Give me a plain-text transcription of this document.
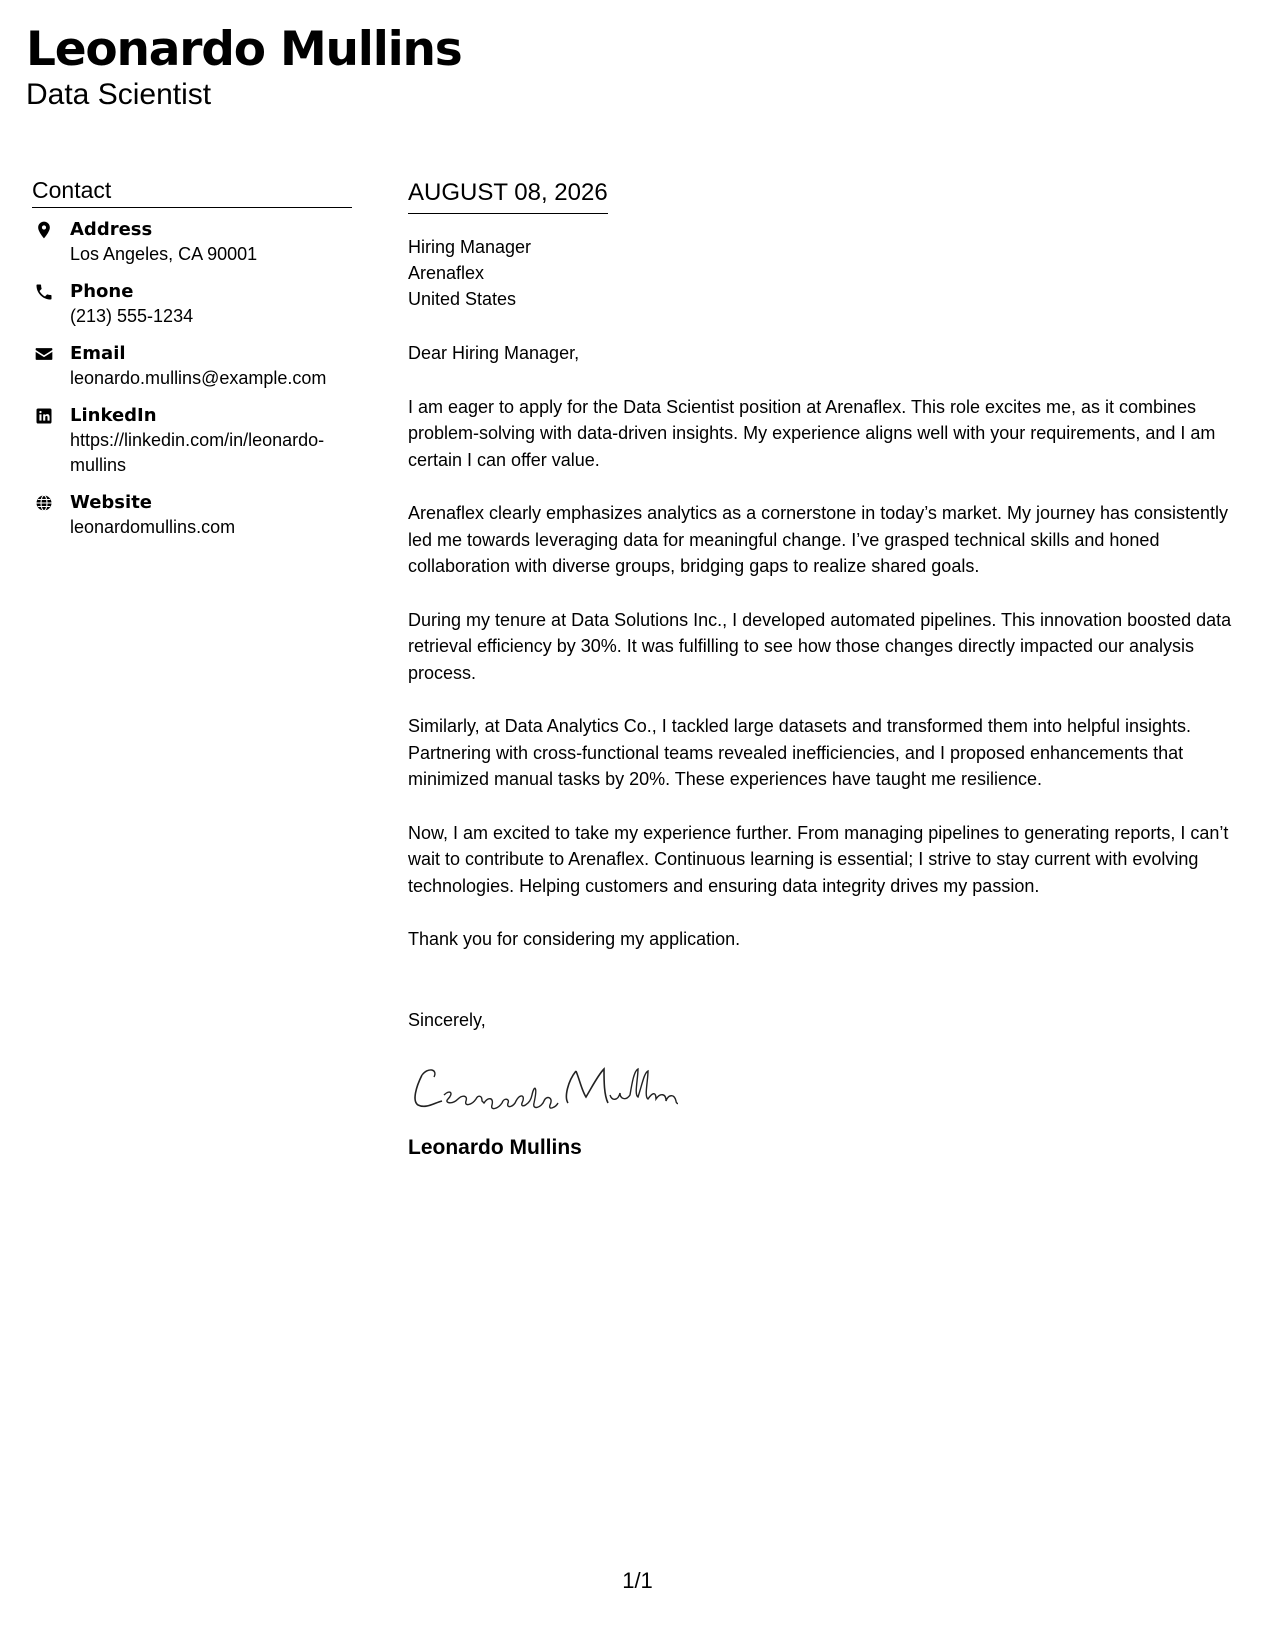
Leonardo Mullins
Data Scientist
Contact
Address
Los Angeles, CA 90001
Phone
(213) 555-1234
Email
leonardo.mullins@example.com
LinkedIn
https://linkedin.com/in/leonardo-mullins
Website
leonardomullins.com
AUGUST 08, 2026
Hiring Manager
Arenaflex
United States

Dear Hiring Manager,

I am eager to apply for the Data Scientist position at Arenaflex. This role excites me, as it combines problem-solving with data-driven insights. My experience aligns well with your requirements, and I am certain I can offer value.

Arenaflex clearly emphasizes analytics as a cornerstone in today’s market. My journey has consistently led me towards leveraging data for meaningful change. I’ve grasped technical skills and honed collaboration with diverse groups, bridging gaps to realize shared goals.

During my tenure at Data Solutions Inc., I developed automated pipelines. This innovation boosted data retrieval efficiency by 30%. It was fulfilling to see how those changes directly impacted our analysis process.

Similarly, at Data Analytics Co., I tackled large datasets and transformed them into helpful insights. Partnering with cross-functional teams revealed inefficiencies, and I proposed enhancements that minimized manual tasks by 20%. These experiences have taught me resilience.

Now, I am excited to take my experience further. From managing pipelines to generating reports, I can’t wait to contribute to Arenaflex. Continuous learning is essential; I strive to stay current with evolving technologies. Helping customers and ensuring data integrity drives my passion.

Thank you for considering my application.

Sincerely,

Leonardo Mullins
1/1
